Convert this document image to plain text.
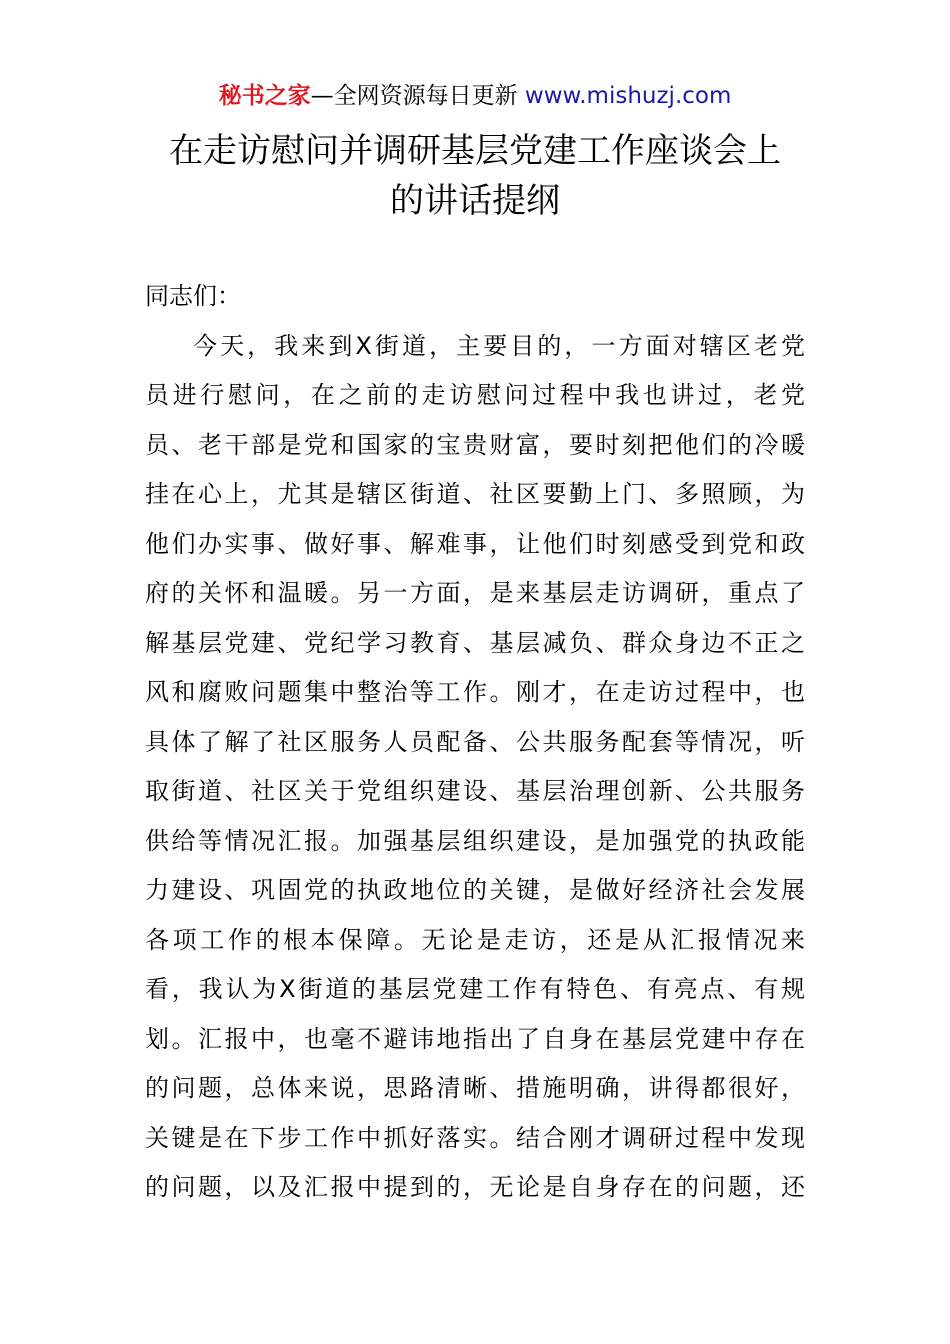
秘书之家—全网资源每日更新 www.mishuzj.com
在走访慰问并调研基层党建工作座谈会上
的讲话提纲
同志们：
今天，我来到X街道，主要目的，一方面对辖区老党
员进行慰问，在之前的走访慰问过程中我也讲过，老党
员、老干部是党和国家的宝贵财富，要时刻把他们的冷暖
挂在心上，尤其是辖区街道、社区要勤上门、多照顾，为
他们办实事、做好事、解难事，让他们时刻感受到党和政
府的关怀和温暖。另一方面，是来基层走访调研，重点了
解基层党建、党纪学习教育、基层减负、群众身边不正之
风和腐败问题集中整治等工作。刚才，在走访过程中，也
具体了解了社区服务人员配备、公共服务配套等情况，听
取街道、社区关于党组织建设、基层治理创新、公共服务
供给等情况汇报。加强基层组织建设，是加强党的执政能
力建设、巩固党的执政地位的关键，是做好经济社会发展
各项工作的根本保障。无论是走访，还是从汇报情况来
看，我认为X街道的基层党建工作有特色、有亮点、有规
划。汇报中，也毫不避讳地指出了自身在基层党建中存在
的问题，总体来说，思路清晰、措施明确，讲得都很好，
关键是在下步工作中抓好落实。结合刚才调研过程中发现
的问题，以及汇报中提到的，无论是自身存在的问题，还
